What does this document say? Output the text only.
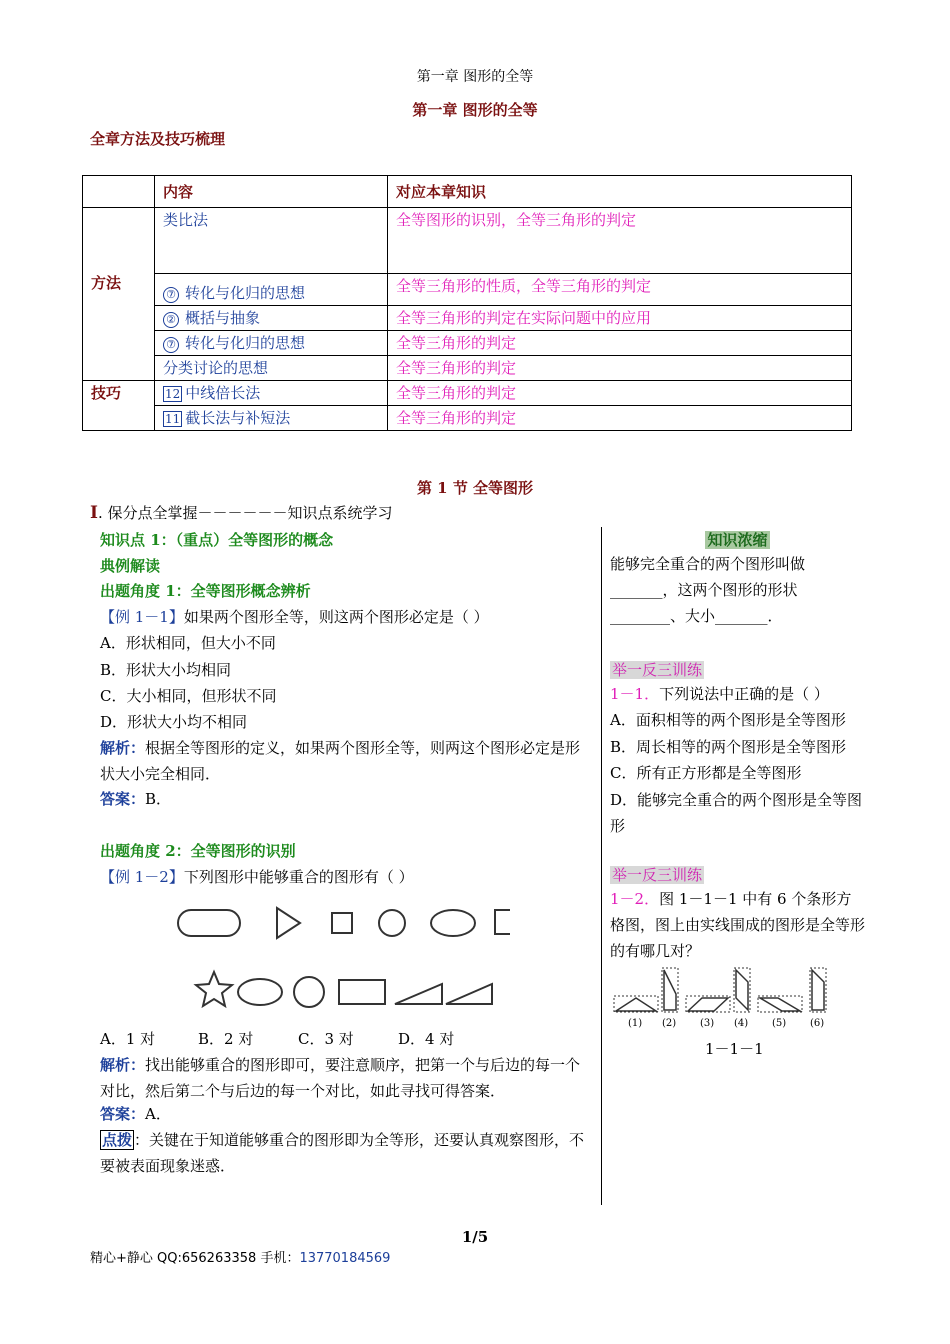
第一章 图形的全等
第一章 图形的全等
全章方法及技巧梳理
	内容	对应本章知识
方法	类比法	全等图形的识别，全等三角形的判定
	⑦ 转化与化归的思想	全等三角形的性质，全等三角形的判定
	② 概括与抽象	全等三角形的判定在实际问题中的应用
	⑦ 转化与化归的思想	全等三角形的判定
	分类讨论的思想	全等三角形的判定
技巧	12 中线倍长法	全等三角形的判定
	11 截长法与补短法	全等三角形的判定
第 1 节 全等图形
I. 保分点全掌握－－－－－－知识点系统学习
知识点 1：（重点）全等图形的概念
典例解读
出题角度 1：全等图形概念辨析
【例 1－1】如果两个图形全等，则这两个图形必定是（ ）
A．形状相同，但大小不同
B．形状大小均相同
C．大小相同，但形状不同
D．形状大小均不相同
解析：根据全等图形的定义，如果两个图形全等，则两这个图形必定是形状大小完全相同．
答案：B．
出题角度 2：全等图形的识别
【例 1－2】下列图形中能够重合的图形有（ ）
A．1 对	B．2 对	C．3 对	D．4 对
解析：找出能够重合的图形即可，要注意顺序，把第一个与后边的每一个对比，然后第二个与后边的每一个对比，如此寻找可得答案．
答案：A．
点拨 ：关键在于知道能够重合的图形即为全等形，还要认真观察图形，不要被表面现象迷惑．
知识浓缩
能够完全重合的两个图形叫做_______，这两个图形的形状________、大小_______．
举一反三训练
1－1．下列说法中正确的是（ ）
A．面积相等的两个图形是全等图形
B．周长相等的两个图形是全等图形
C．所有正方形都是全等图形
D．能够完全重合的两个图形是全等图形
举一反三训练
1－2．图 1－1－1 中有 6 个条形方格图，图上由实线围成的图形是全等形的有哪几对？
(1) (2) (3) (4) (5) (6)
1－1－1
1/5
精心+静心 QQ:656263358 手机：13770184569
